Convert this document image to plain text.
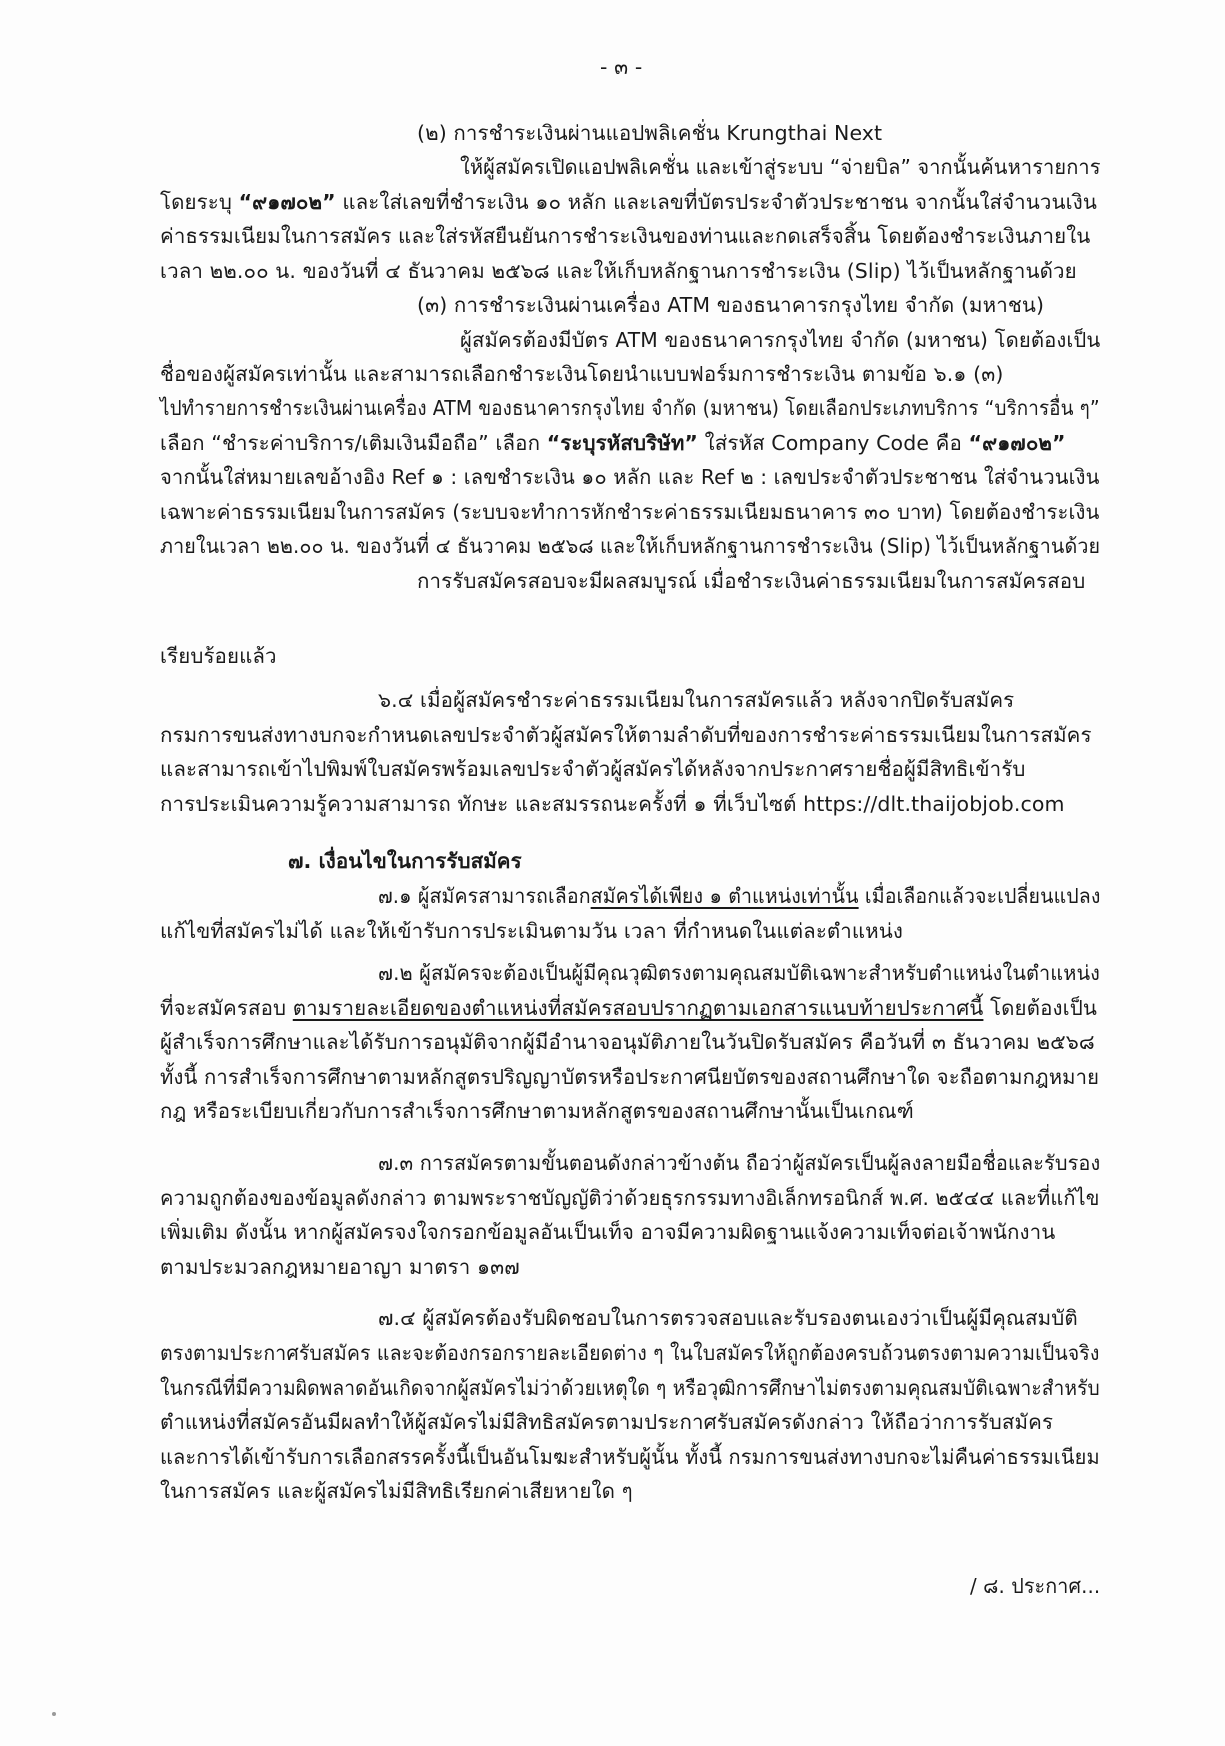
- ๓ -
(๒) การชำระเงินผ่านแอปพลิเคชั่น Krungthai Next
ให้ผู้สมัครเปิดแอปพลิเคชั่น และเข้าสู่ระบบ “จ่ายบิล” จากนั้นค้นหารายการ
โดยระบุ “๙๑๗๐๒” และใส่เลขที่ชำระเงิน ๑๐ หลัก และเลขที่บัตรประจำตัวประชาชน จากนั้นใส่จำนวนเงิน
ค่าธรรมเนียมในการสมัคร และใส่รหัสยืนยันการชำระเงินของท่านและกดเสร็จสิ้น โดยต้องชำระเงินภายใน
เวลา ๒๒.๐๐ น. ของวันที่ ๔ ธันวาคม ๒๕๖๘ และให้เก็บหลักฐานการชำระเงิน (Slip) ไว้เป็นหลักฐานด้วย
(๓) การชำระเงินผ่านเครื่อง ATM ของธนาคารกรุงไทย จำกัด (มหาชน)
ผู้สมัครต้องมีบัตร ATM ของธนาคารกรุงไทย จำกัด (มหาชน) โดยต้องเป็น
ชื่อของผู้สมัครเท่านั้น และสามารถเลือกชำระเงินโดยนำแบบฟอร์มการชำระเงิน ตามข้อ ๖.๑ (๓)
ไปทำรายการชำระเงินผ่านเครื่อง ATM ของธนาคารกรุงไทย จำกัด (มหาชน) โดยเลือกประเภทบริการ “บริการอื่น ๆ”
เลือก “ชำระค่าบริการ/เติมเงินมือถือ” เลือก “ระบุรหัสบริษัท” ใส่รหัส Company Code คือ “๙๑๗๐๒”
จากนั้นใส่หมายเลขอ้างอิง Ref ๑ : เลขชำระเงิน ๑๐ หลัก และ Ref ๒ : เลขประจำตัวประชาชน ใส่จำนวนเงิน
เฉพาะค่าธรรมเนียมในการสมัคร (ระบบจะทำการหักชำระค่าธรรมเนียมธนาคาร ๓๐ บาท) โดยต้องชำระเงิน
ภายในเวลา ๒๒.๐๐ น. ของวันที่ ๔ ธันวาคม ๒๕๖๘ และให้เก็บหลักฐานการชำระเงิน (Slip) ไว้เป็นหลักฐานด้วย
การรับสมัครสอบจะมีผลสมบูรณ์ เมื่อชำระเงินค่าธรรมเนียมในการสมัครสอบ
เรียบร้อยแล้ว
๖.๔ เมื่อผู้สมัครชำระค่าธรรมเนียมในการสมัครแล้ว หลังจากปิดรับสมัคร
กรมการขนส่งทางบกจะกำหนดเลขประจำตัวผู้สมัครให้ตามลำดับที่ของการชำระค่าธรรมเนียมในการสมัคร
และสามารถเข้าไปพิมพ์ใบสมัครพร้อมเลขประจำตัวผู้สมัครได้หลังจากประกาศรายชื่อผู้มีสิทธิเข้ารับ
การประเมินความรู้ความสามารถ ทักษะ และสมรรถนะครั้งที่ ๑ ที่เว็บไซต์ https://dlt.thaijobjob.com
๗. เงื่อนไขในการรับสมัคร
๗.๑ ผู้สมัครสามารถเลือกสมัครได้เพียง ๑ ตำแหน่งเท่านั้น เมื่อเลือกแล้วจะเปลี่ยนแปลง
แก้ไขที่สมัครไม่ได้ และให้เข้ารับการประเมินตามวัน เวลา ที่กำหนดในแต่ละตำแหน่ง
๗.๒ ผู้สมัครจะต้องเป็นผู้มีคุณวุฒิตรงตามคุณสมบัติเฉพาะสำหรับตำแหน่งในตำแหน่ง
ที่จะสมัครสอบ ตามรายละเอียดของตำแหน่งที่สมัครสอบปรากฏตามเอกสารแนบท้ายประกาศนี้ โดยต้องเป็น
ผู้สำเร็จการศึกษาและได้รับการอนุมัติจากผู้มีอำนาจอนุมัติภายในวันปิดรับสมัคร คือวันที่ ๓ ธันวาคม ๒๕๖๘
ทั้งนี้ การสำเร็จการศึกษาตามหลักสูตรปริญญาบัตรหรือประกาศนียบัตรของสถานศึกษาใด จะถือตามกฎหมาย
กฎ หรือระเบียบเกี่ยวกับการสำเร็จการศึกษาตามหลักสูตรของสถานศึกษานั้นเป็นเกณฑ์
๗.๓ การสมัครตามขั้นตอนดังกล่าวข้างต้น ถือว่าผู้สมัครเป็นผู้ลงลายมือชื่อและรับรอง
ความถูกต้องของข้อมูลดังกล่าว ตามพระราชบัญญัติว่าด้วยธุรกรรมทางอิเล็กทรอนิกส์ พ.ศ. ๒๕๔๔ และที่แก้ไข
เพิ่มเติม ดังนั้น หากผู้สมัครจงใจกรอกข้อมูลอันเป็นเท็จ อาจมีความผิดฐานแจ้งความเท็จต่อเจ้าพนักงาน
ตามประมวลกฎหมายอาญา มาตรา ๑๓๗
๗.๔ ผู้สมัครต้องรับผิดชอบในการตรวจสอบและรับรองตนเองว่าเป็นผู้มีคุณสมบัติ
ตรงตามประกาศรับสมัคร และจะต้องกรอกรายละเอียดต่าง ๆ ในใบสมัครให้ถูกต้องครบถ้วนตรงตามความเป็นจริง
ในกรณีที่มีความผิดพลาดอันเกิดจากผู้สมัครไม่ว่าด้วยเหตุใด ๆ หรือวุฒิการศึกษาไม่ตรงตามคุณสมบัติเฉพาะสำหรับ
ตำแหน่งที่สมัครอันมีผลทำให้ผู้สมัครไม่มีสิทธิสมัครตามประกาศรับสมัครดังกล่าว ให้ถือว่าการรับสมัคร
และการได้เข้ารับการเลือกสรรครั้งนี้เป็นอันโมฆะสำหรับผู้นั้น ทั้งนี้ กรมการขนส่งทางบกจะไม่คืนค่าธรรมเนียม
ในการสมัคร และผู้สมัครไม่มีสิทธิเรียกค่าเสียหายใด ๆ
/ ๘. ประกาศ...
